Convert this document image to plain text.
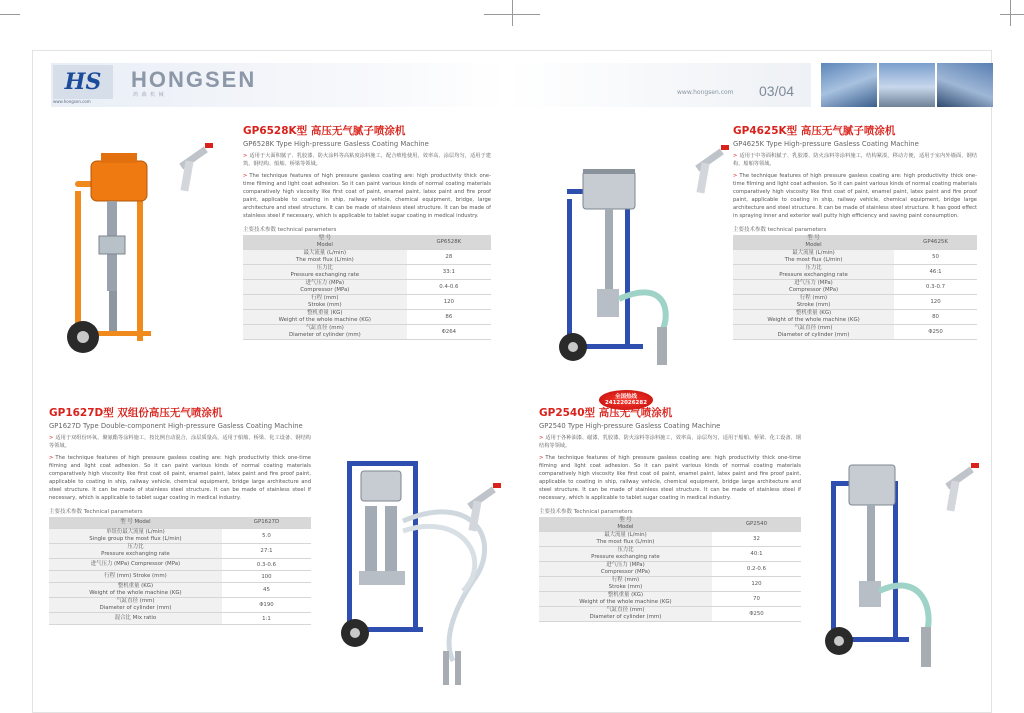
HS
www.hongsen.com
HONGSEN
鸿 森 机 械	www.hongsen.com 03/04
GP6528K型 高压无气腻子喷涂机
GP6528K Type High-pressure Gasless Coating Machine
> 适用于大面积腻子、乳胶漆、防火涂料等高粘度涂料施工，配合喷枪使用，效率高、涂层均匀，适用于建筑、钢结构、船舶、桥梁等领域。
> The technique features of high pressure gasless coating are: high productivity thick one-time filming and light coat adhesion. So it can paint various kinds of normal coating materials comparatively high viscosity like first coat of paint, enamel paint, latex paint and fire proof paint, applicable to coating in ship, railway vehicle, chemical equipment, bridge, large architecture and steel structure. It can be made of stainless steel structure. It can be made of stainless steel if necessary, which is applicable to tablet sugar coating in medical industry.
主要技术参数 technical parameters
型 号
Model	GP6528K
最大流量 (L/min)
The most flux (L/min)	28
压力比
Pressure exchanging rate	33:1
进气压力 (MPa)
Compressor (MPa)	0.4-0.6
行程 (mm)
Stroke (mm)	120
整机重量 (KG)
Weight of the whole machine (KG)	86
气缸直径 (mm)
Diameter of cylinder (mm)	Φ264
全国热线
24122026282
GP4625K型 高压无气腻子喷涂机
GP4625K Type High-pressure Gasless Coating Machine
> 适用于中等面积腻子、乳胶漆、防火涂料等涂料施工，结构紧凑，移动方便，适用于室内外墙面、钢结构、船舶等领域。
> The technique features of high pressure gasless coating are: high productivity thick one-time filming and light coat adhesion. So it can paint various kinds of normal coating materials comparatively high viscosity like first coat of paint, enamel paint, latex paint and fire proof paint, applicable to coating in ship, railway vehicle, chemical equipment, bridge large architecture and steel structure. It can be made of stainless steel structure. It has good effect in spraying inner and exterior wall putty high efficiency and saving paint consumption.
主要技术参数 technical parameters
型 号
Model	GP4625K
最大流量 (L/min)
The most flux (L/min)	50
压力比
Pressure exchanging rate	46:1
进气压力 (MPa)
Compressor (MPa)	0.3-0.7
行程 (mm)
Stroke (mm)	120
整机重量 (KG)
Weight of the whole machine (KG)	80
气缸直径 (mm)
Diameter of cylinder (mm)	Φ250
GP1627D型 双组份高压无气喷涂机
GP1627D Type Double-component High-pressure Gasless Coating Machine
> 适用于双组份环氧、聚氨酯等涂料施工，按比例自动混合，涂层质量高，适用于船舶、桥梁、化工设备、钢结构等领域。
> The technique features of high pressure gasless coating are: high productivity thick one-time filming and light coat adhesion. So it can paint various kinds of normal coating materials comparatively high viscosity like first coat oil paint, enamel paint, latex paint and fire proof paint, applicable to coating in ship, railway vehicle, chemical equipment, bridge large architecture and steel structure. It can be made of stainless steel structure. It can be made of stainless steel if necessary, which is applicable to tablet sugar coating in medical industry.
主要技术参数 Technical parameters
型 号 Model	GP1627D
单组份最大流量 (L/min)
Single group the most flux (L/min)	5.0
压力比
Pressure exchanging rate	27:1
进气压力 (MPa) Compressor (MPa)	0.3-0.6
行程 (mm) Stroke (mm)	100
整机重量 (KG)
Weight of the whole machine (KG)	45
气缸直径 (mm)
Diameter of cylinder (mm)	Φ190
混合比 Mix ratio	1:1
GP2540型 高压无气喷涂机
GP2540 Type High-pressure Gasless Coating Machine
> 适用于各种油漆、磁漆、乳胶漆、防火涂料等涂料施工，效率高、涂层均匀，适用于船舶、桥梁、化工设备、钢结构等领域。
> The technique features of high pressure gasless coating are: high productivity thick one-time filming and light coat adhesion. So it can paint various kinds of normal coating materials comparatively high viscosity like first coat oil paint, enamel paint, latex paint and fire proof paint, applicable to coating in ship, railway vehicle, chemical equipment, bridge large architecture and steel structure. It can be made of stainless steel structure. It can be made of stainless steel if necessary, which is applicable to tablet sugar coating in medical industry.
主要技术参数 Technical parameters
型 号
Model	GP2540
最大流量 (L/min)
The most flux (L/min)	32
压力比
Pressure exchanging rate	40:1
进气压力 (MPa)
Compressor (MPa)	0.2-0.6
行程 (mm)
Stroke (mm)	120
整机重量 (KG)
Weight of the whole machine (KG)	70
气缸直径 (mm)
Diameter of cylinder (mm)	Φ250
